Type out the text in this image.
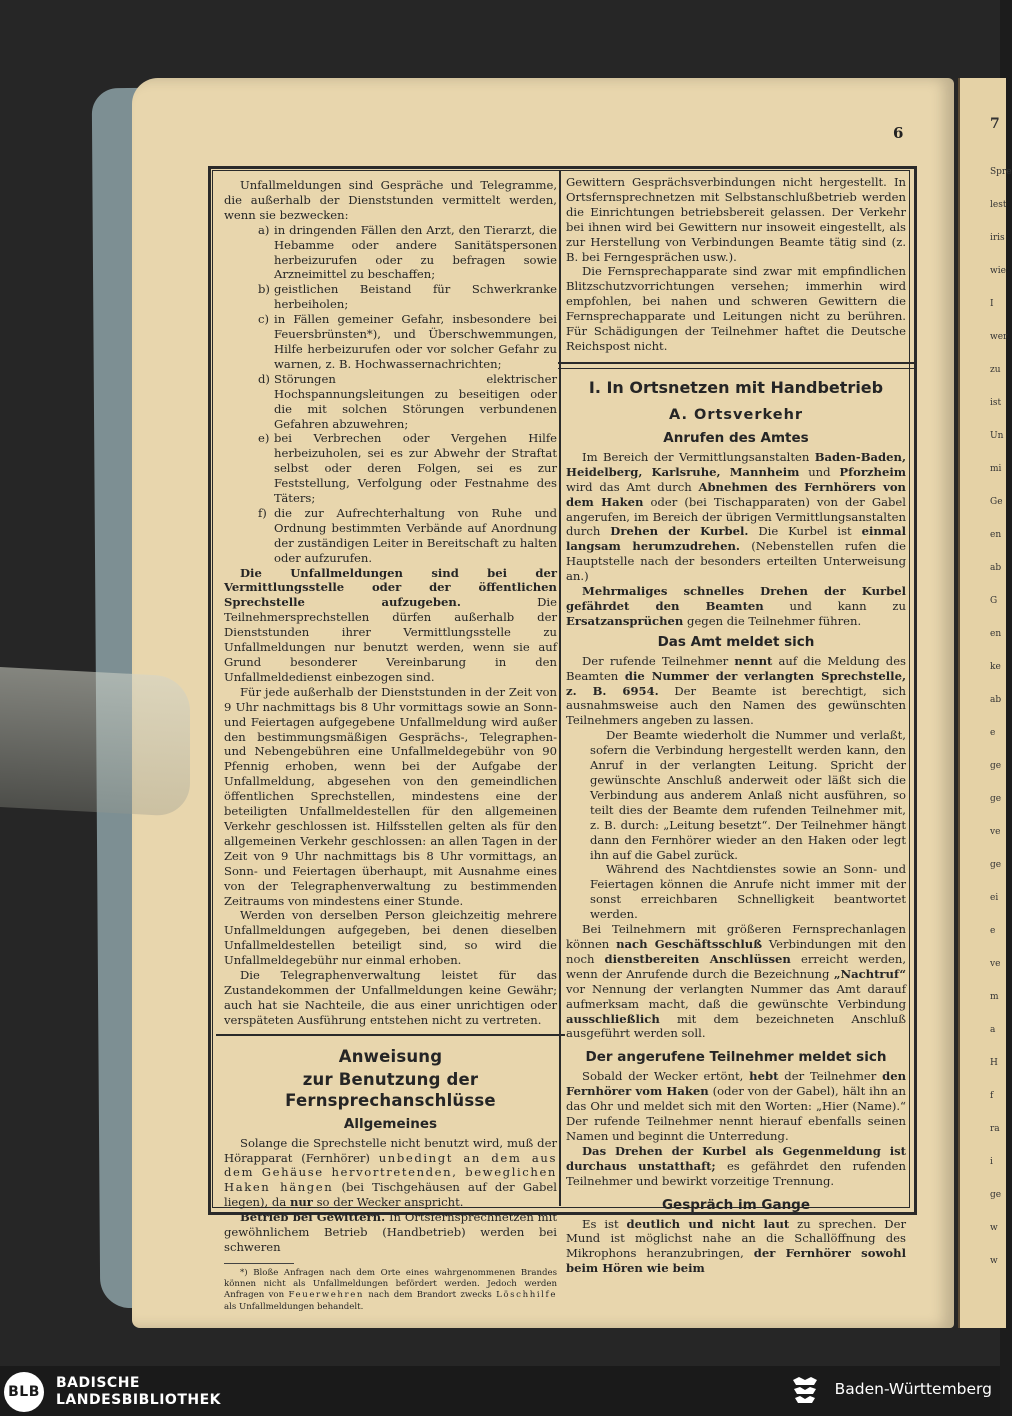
7
Spre
lest
iris
wie
I
wer
zu
ist
Un
mi
Ge
en
ab
G
en
ke
ab
e
ge
ge
ve
ge
ei
e
ve
m
a
H
f
ra
i
ge
w
w
6

Unfallmeldungen sind Gespräche und Telegramme, die außerhalb der Dienststunden vermittelt werden, wenn sie bezwecken:

a) in dringenden Fällen den Arzt, den Tierarzt, die Hebamme oder andere Sanitätspersonen herbeizurufen oder zu befragen sowie Arzneimittel zu beschaffen;
b) geistlichen Beistand für Schwerkranke herbeiholen;
c) in Fällen gemeiner Gefahr, insbesondere bei Feuersbrünsten*), und Überschwemmungen, Hilfe herbeizurufen oder vor solcher Gefahr zu warnen, z. B. Hochwassernachrichten;
d) Störungen elektrischer Hochspannungsleitungen zu beseitigen oder die mit solchen Störungen verbundenen Gefahren abzuwehren;
e) bei Verbrechen oder Vergehen Hilfe herbeizuholen, sei es zur Abwehr der Straftat selbst oder deren Folgen, sei es zur Feststellung, Verfolgung oder Festnahme des Täters;
f) die zur Aufrechterhaltung von Ruhe und Ordnung bestimmten Verbände auf Anordnung der zuständigen Leiter in Bereitschaft zu halten oder aufzurufen.

Die Unfallmeldungen sind bei der Vermittlungsstelle oder der öffentlichen Sprechstelle aufzugeben. Die Teilnehmersprechstellen dürfen außerhalb der Dienststunden ihrer Vermittlungsstelle zu Unfallmeldungen nur benutzt werden, wenn sie auf Grund besonderer Vereinbarung in den Unfallmeldedienst einbezogen sind.

Für jede außerhalb der Dienststunden in der Zeit von 9 Uhr nachmittags bis 8 Uhr vormittags sowie an Sonn- und Feiertagen aufgegebene Unfallmeldung wird außer den bestimmungsmäßigen Gesprächs-, Telegraphen- und Nebengebühren eine Unfallmeldegebühr von 90 Pfennig erhoben, wenn bei der Aufgabe der Unfallmeldung, abgesehen von den gemeindlichen öffentlichen Sprechstellen, mindestens eine der beteiligten Unfallmeldestellen für den allgemeinen Verkehr geschlossen ist. Hilfsstellen gelten als für den allgemeinen Verkehr geschlossen: an allen Tagen in der Zeit von 9 Uhr nachmittags bis 8 Uhr vormittags, an Sonn- und Feiertagen überhaupt, mit Ausnahme eines von der Telegraphenverwaltung zu bestimmenden Zeitraums von mindestens einer Stunde.

Werden von derselben Person gleichzeitig mehrere Unfallmeldungen aufgegeben, bei denen dieselben Unfallmeldestellen beteiligt sind, so wird die Unfallmeldegebühr nur einmal erhoben.

Die Telegraphenverwaltung leistet für das Zustandekommen der Unfallmeldungen keine Gewähr; auch hat sie Nachteile, die aus einer unrichtigen oder verspäteten Ausführung entstehen nicht zu vertreten.

Anweisung
zur Benutzung der Fernsprechanschlüsse
Allgemeines

Solange die Sprechstelle nicht benutzt wird, muß der Hörapparat (Fernhörer) unbedingt an dem aus dem Gehäuse hervortretenden, beweglichen Haken hängen (bei Tischgehäusen auf der Gabel liegen), da nur so der Wecker anspricht.

Betrieb bei Gewittern. In Ortsfernsprechnetzen mit gewöhnlichem Betrieb (Handbetrieb) werden bei schweren

*) Bloße Anfragen nach dem Orte eines wahrgenommenen Brandes können nicht als Unfallmeldungen befördert werden. Jedoch werden Anfragen von Feuerwehren nach dem Brandort zwecks Löschhilfe als Unfallmeldungen behandelt.

Gewittern Gesprächsverbindungen nicht hergestellt. In Ortsfernsprechnetzen mit Selbstanschlußbetrieb werden die Einrichtungen betriebsbereit gelassen. Der Verkehr bei ihnen wird bei Gewittern nur insoweit eingestellt, als zur Herstellung von Verbindungen Beamte tätig sind (z. B. bei Ferngesprächen usw.).

Die Fernsprechapparate sind zwar mit empfindlichen Blitzschutzvorrichtungen versehen; immerhin wird empfohlen, bei nahen und schweren Gewittern die Fernsprechapparate und Leitungen nicht zu berühren. Für Schädigungen der Teilnehmer haftet die Deutsche Reichspost nicht.

I. In Ortsnetzen mit Handbetrieb
A. Ortsverkehr
Anrufen des Amtes

Im Bereich der Vermittlungsanstalten Baden-Baden, Heidelberg, Karlsruhe, Mannheim und Pforzheim wird das Amt durch Abnehmen des Fernhörers von dem Haken oder (bei Tischapparaten) von der Gabel angerufen, im Bereich der übrigen Vermittlungsanstalten durch Drehen der Kurbel. Die Kurbel ist einmal langsam herumzudrehen. (Nebenstellen rufen die Hauptstelle nach der besonders erteilten Unterweisung an.)

Mehrmaliges schnelles Drehen der Kurbel gefährdet den Beamten und kann zu Ersatzansprüchen gegen die Teilnehmer führen.

Das Amt meldet sich

Der rufende Teilnehmer nennt auf die Meldung des Beamten die Nummer der verlangten Sprechstelle, z. B. 6954. Der Beamte ist berechtigt, sich ausnahmsweise auch den Namen des gewünschten Teilnehmers angeben zu lassen.

Der Beamte wiederholt die Nummer und verlaßt, sofern die Verbindung hergestellt werden kann, den Anruf in der verlangten Leitung. Spricht der gewünschte Anschluß anderweit oder läßt sich die Verbindung aus anderem Anlaß nicht ausführen, so teilt dies der Beamte dem rufenden Teilnehmer mit, z. B. durch: „Leitung besetzt“. Der Teilnehmer hängt dann den Fernhörer wieder an den Haken oder legt ihn auf die Gabel zurück.

Während des Nachtdienstes sowie an Sonn- und Feiertagen können die Anrufe nicht immer mit der sonst erreichbaren Schnelligkeit beantwortet werden.

Bei Teilnehmern mit größeren Fernsprechanlagen können nach Geschäftsschluß Verbindungen mit den noch dienstbereiten Anschlüssen erreicht werden, wenn der Anrufende durch die Bezeichnung „Nachtruf“ vor Nennung der verlangten Nummer das Amt darauf aufmerksam macht, daß die gewünschte Verbindung ausschließlich mit dem bezeichneten Anschluß ausgeführt werden soll.

Der angerufene Teilnehmer meldet sich

Sobald der Wecker ertönt, hebt der Teilnehmer den Fernhörer vom Haken (oder von der Gabel), hält ihn an das Ohr und meldet sich mit den Worten: „Hier (Name).“ Der rufende Teilnehmer nennt hierauf ebenfalls seinen Namen und beginnt die Unterredung.

Das Drehen der Kurbel als Gegenmeldung ist durchaus unstatthaft; es gefährdet den rufenden Teilnehmer und bewirkt vorzeitige Trennung.

Gespräch im Gange

Es ist deutlich und nicht laut zu sprechen. Der Mund ist möglichst nahe an die Schallöffnung des Mikrophons heranzubringen, der Fernhörer sowohl beim Hören wie beim

BLB
BADISCHE
LANDESBIBLIOTHEK
Baden-Württemberg
